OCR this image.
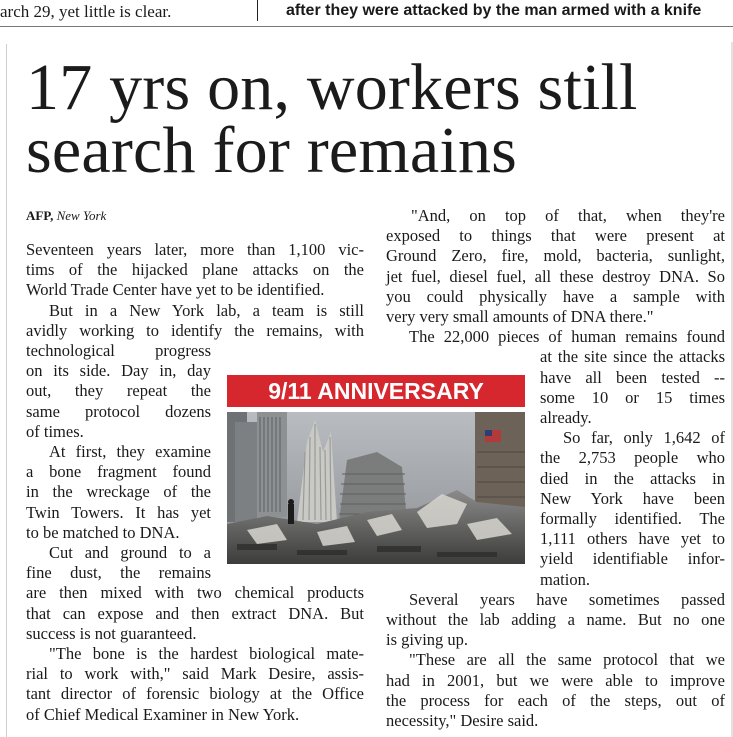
arch 29, yet little is clear.	after they were attacked by the man armed with a knife
17 yrs on, workers still
search for remains
AFP, New York
Seventeen years later, more than 1,100 vic-
tims of the hijacked plane attacks on the
World Trade Center have yet to be identified.
But in a New York lab, a team is still
avidly working to identify the remains, with
technological progress
on its side. Day in, day
out, they repeat the
same protocol dozens
of times.
At first, they examine
a bone fragment found
in the wreckage of the
Twin Towers. It has yet
to be matched to DNA.
Cut and ground to a
fine dust, the remains
are then mixed with two chemical products
that can expose and then extract DNA. But
success is not guaranteed.
"The bone is the hardest biological mate-
rial to work with," said Mark Desire, assis-
tant director of forensic biology at the Office
of Chief Medical Examiner in New York.
"And, on top of that, when they're
exposed to things that were present at
Ground Zero, fire, mold, bacteria, sunlight,
jet fuel, diesel fuel, all these destroy DNA. So
you could physically have a sample with
very very small amounts of DNA there."
The 22,000 pieces of human remains found
at the site since the attacks
have all been tested --
some 10 or 15 times
already.
So far, only 1,642 of
the 2,753 people who
died in the attacks in
New York have been
formally identified. The
1,111 others have yet to
yield identifiable infor-
mation.
Several years have sometimes passed
without the lab adding a name. But no one
is giving up.
"These are all the same protocol that we
had in 2001, but we were able to improve
the process for each of the steps, out of
necessity," Desire said.
9/11 ANNIVERSARY
